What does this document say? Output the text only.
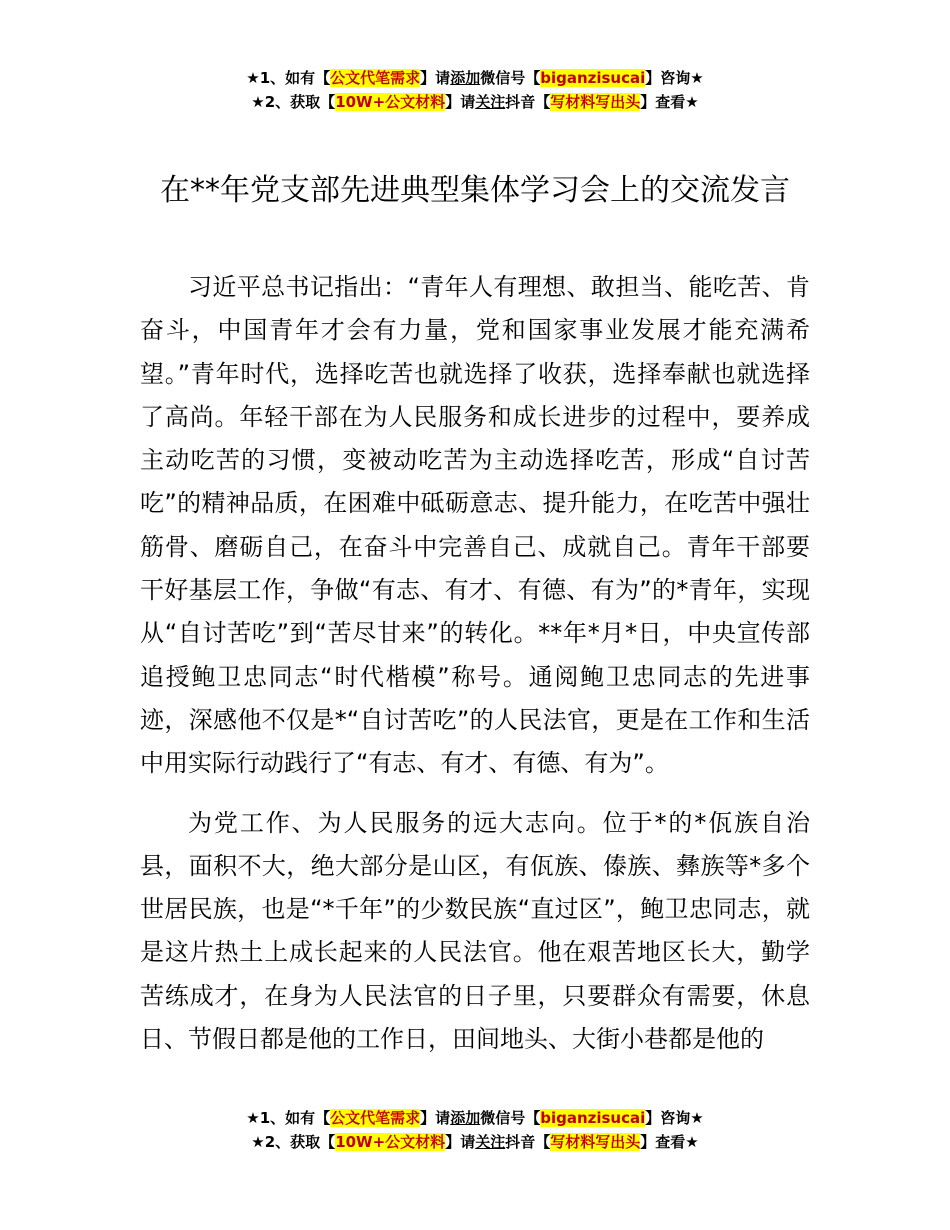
★1、如有【公文代笔需求】请添加微信号【biganzisucai】咨询★
★2、获取【10W+公文材料】请关注抖音【写材料写出头】查看★
在**年党支部先进典型集体学习会上的交流发言

习近平总书记指出：“青年人有理想、敢担当、能吃苦、肯奋斗，中国青年才会有力量，党和国家事业发展才能充满希望。”青年时代，选择吃苦也就选择了收获，选择奉献也就选择了高尚。年轻干部在为人民服务和成长进步的过程中，要养成主动吃苦的习惯，变被动吃苦为主动选择吃苦，形成“自讨苦吃”的精神品质，在困难中砥砺意志、提升能力，在吃苦中强壮筋骨、磨砺自己，在奋斗中完善自己、成就自己。青年干部要干好基层工作，争做“有志、有才、有德、有为”的*青年，实现从“自讨苦吃”到“苦尽甘来”的转化。**年*月*日，中央宣传部追授鲍卫忠同志“时代楷模”称号。通阅鲍卫忠同志的先进事迹，深感他不仅是*“自讨苦吃”的人民法官，更是在工作和生活中用实际行动践行了“有志、有才、有德、有为”。

为党工作、为人民服务的远大志向。位于*的*佤族自治县，面积不大，绝大部分是山区，有佤族、傣族、彝族等*多个世居民族，也是“*千年”的少数民族“直过区”，鲍卫忠同志，就是这片热土上成长起来的人民法官。他在艰苦地区长大，勤学苦练成才，在身为人民法官的日子里，只要群众有需要，休息日、节假日都是他的工作日，田间地头、大街小巷都是他的

★1、如有【公文代笔需求】请添加微信号【biganzisucai】咨询★
★2、获取【10W+公文材料】请关注抖音【写材料写出头】查看★
